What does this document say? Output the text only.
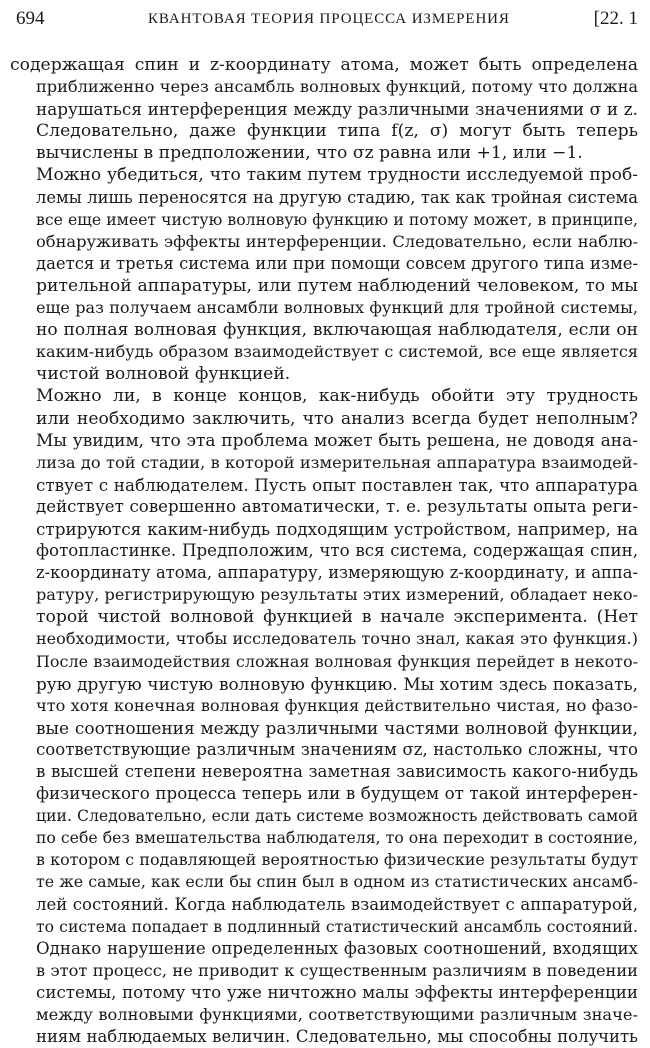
694	КВАНТОВАЯ ТЕОРИЯ ПРОЦЕССА ИЗМЕРЕНИЯ	[22. 1

содержащая спин и z-координату атома, может быть определена
приближенно через ансамбль волновых функций, потому что должна
нарушаться интерференция между различными значениями σ и z.
Следовательно, даже функции типа f(z, σ) могут быть теперь
вычислены в предположении, что σz равна или +1, или −1.

Можно убедиться, что таким путем трудности исследуемой проб-
лемы лишь переносятся на другую стадию, так как тройная система
все еще имеет чистую волновую функцию и потому может, в принципе,
обнаруживать эффекты интерференции. Следовательно, если наблю-
дается и третья система или при помощи совсем другого типа изме-
рительной аппаратуры, или путем наблюдений человеком, то мы
еще раз получаем ансамбли волновых функций для тройной системы,
но полная волновая функция, включающая наблюдателя, если он
каким-нибудь образом взаимодействует с системой, все еще является
чистой волновой функцией.

Можно ли, в конце концов, как-нибудь обойти эту трудность
или необходимо заключить, что анализ всегда будет неполным?
Мы увидим, что эта проблема может быть решена, не доводя ана-
лиза до той стадии, в которой измерительная аппаратура взаимодей-
ствует с наблюдателем. Пусть опыт поставлен так, что аппаратура
действует совершенно автоматически, т. е. результаты опыта реги-
стрируются каким-нибудь подходящим устройством, например, на
фотопластинке. Предположим, что вся система, содержащая спин,
z-координату атома, аппаратуру, измеряющую z-координату, и аппа-
ратуру, регистрирующую результаты этих измерений, обладает неко-
торой чистой волновой функцией в начале эксперимента. (Нет
необходимости, чтобы исследователь точно знал, какая это функция.)
После взаимодействия сложная волновая функция перейдет в некото-
рую другую чистую волновую функцию. Мы хотим здесь показать,
что хотя конечная волновая функция действительно чистая, но фазо-
вые соотношения между различными частями волновой функции,
соответствующие различным значениям σz, настолько сложны, что
в высшей степени невероятна заметная зависимость какого-нибудь
физического процесса теперь или в будущем от такой интерферен-
ции. Следовательно, если дать системе возможность действовать самой
по себе без вмешательства наблюдателя, то она переходит в состояние,
в котором с подавляющей вероятностью физические результаты будут
те же самые, как если бы спин был в одном из статистических ансамб-
лей состояний. Когда наблюдатель взаимодействует с аппаратурой,
то система попадает в подлинный статистический ансамбль состояний.
Однако нарушение определенных фазовых соотношений, входящих
в этот процесс, не приводит к существенным различиям в поведении
системы, потому что уже ничтожно малы эффекты интерференции
между волновыми функциями, соответствующими различным значе-
ниям наблюдаемых величин. Следовательно, мы способны получить
